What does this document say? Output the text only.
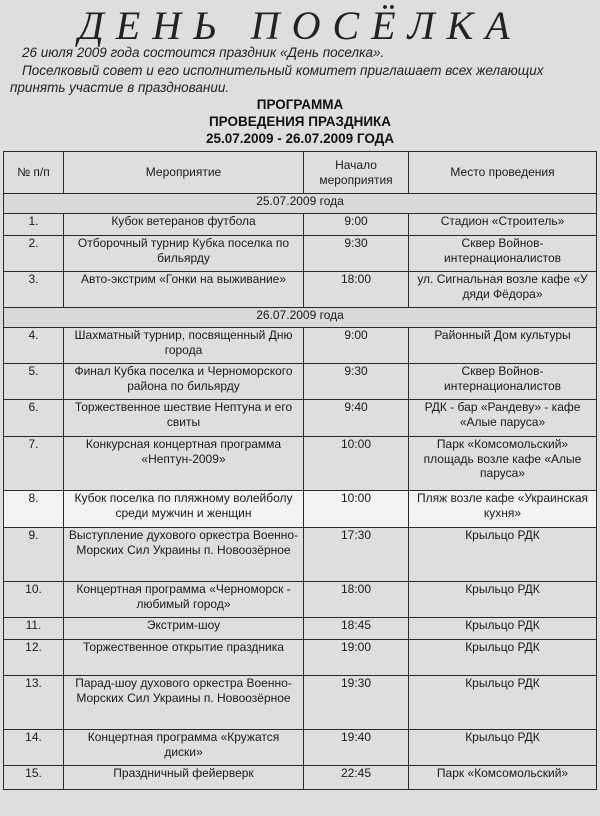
ДЕНЬ ПОСЁЛКА
26 июля 2009 года состоится праздник «День поселка».
Поселковый совет и его исполнительный комитет приглашает всех желающих принять участие в праздновании.
ПРОГРАММА
ПРОВЕДЕНИЯ ПРАЗДНИКА
25.07.2009 - 26.07.2009 ГОДА
№ п/п	Мероприятие	Начало мероприятия	Место проведения
25.07.2009 года			
1.	Кубок ветеранов футбола	9:00	Стадион «Строитель»
2.	Отборочный турнир Кубка поселка по бильярду	9:30	Сквер Войнов-интернационалистов
3.	Авто-экстрим «Гонки на выживание»	18:00	ул. Сигнальная возле кафе «У дяди Фёдора»
26.07.2009 года			
4.	Шахматный турнир, посвященный Дню города	9:00	Районный Дом культуры
5.	Финал Кубка поселка и Черноморского района по бильярду	9:30	Сквер Войнов-интернационалистов
6.	Торжественное шествие Нептуна и его свиты	9:40	РДК - бар «Рандеву» - кафе «Алые паруса»
7.	Конкурсная концертная программа «Нептун-2009»	10:00	Парк «Комсомольский» площадь возле кафе «Алые паруса»
8.	Кубок поселка по пляжному волейболу среди мужчин и женщин	10:00	Пляж возле кафе «Украинская кухня»
9.	Выступление духового оркестра Военно-Морских Сил Украины п. Новоозёрное	17:30	Крыльцо РДК
10.	Концертная программа «Черноморск - любимый город»	18:00	Крыльцо РДК
11.	Экстрим-шоу	18:45	Крыльцо РДК
12.	Торжественное открытие праздника	19:00	Крыльцо РДК
13.	Парад-шоу духового оркестра Военно-Морских Сил Украины п. Новоозёрное	19:30	Крыльцо РДК
14.	Концертная программа «Кружатся диски»	19:40	Крыльцо РДК
15.	Праздничный фейерверк	22:45	Парк «Комсомольский»
